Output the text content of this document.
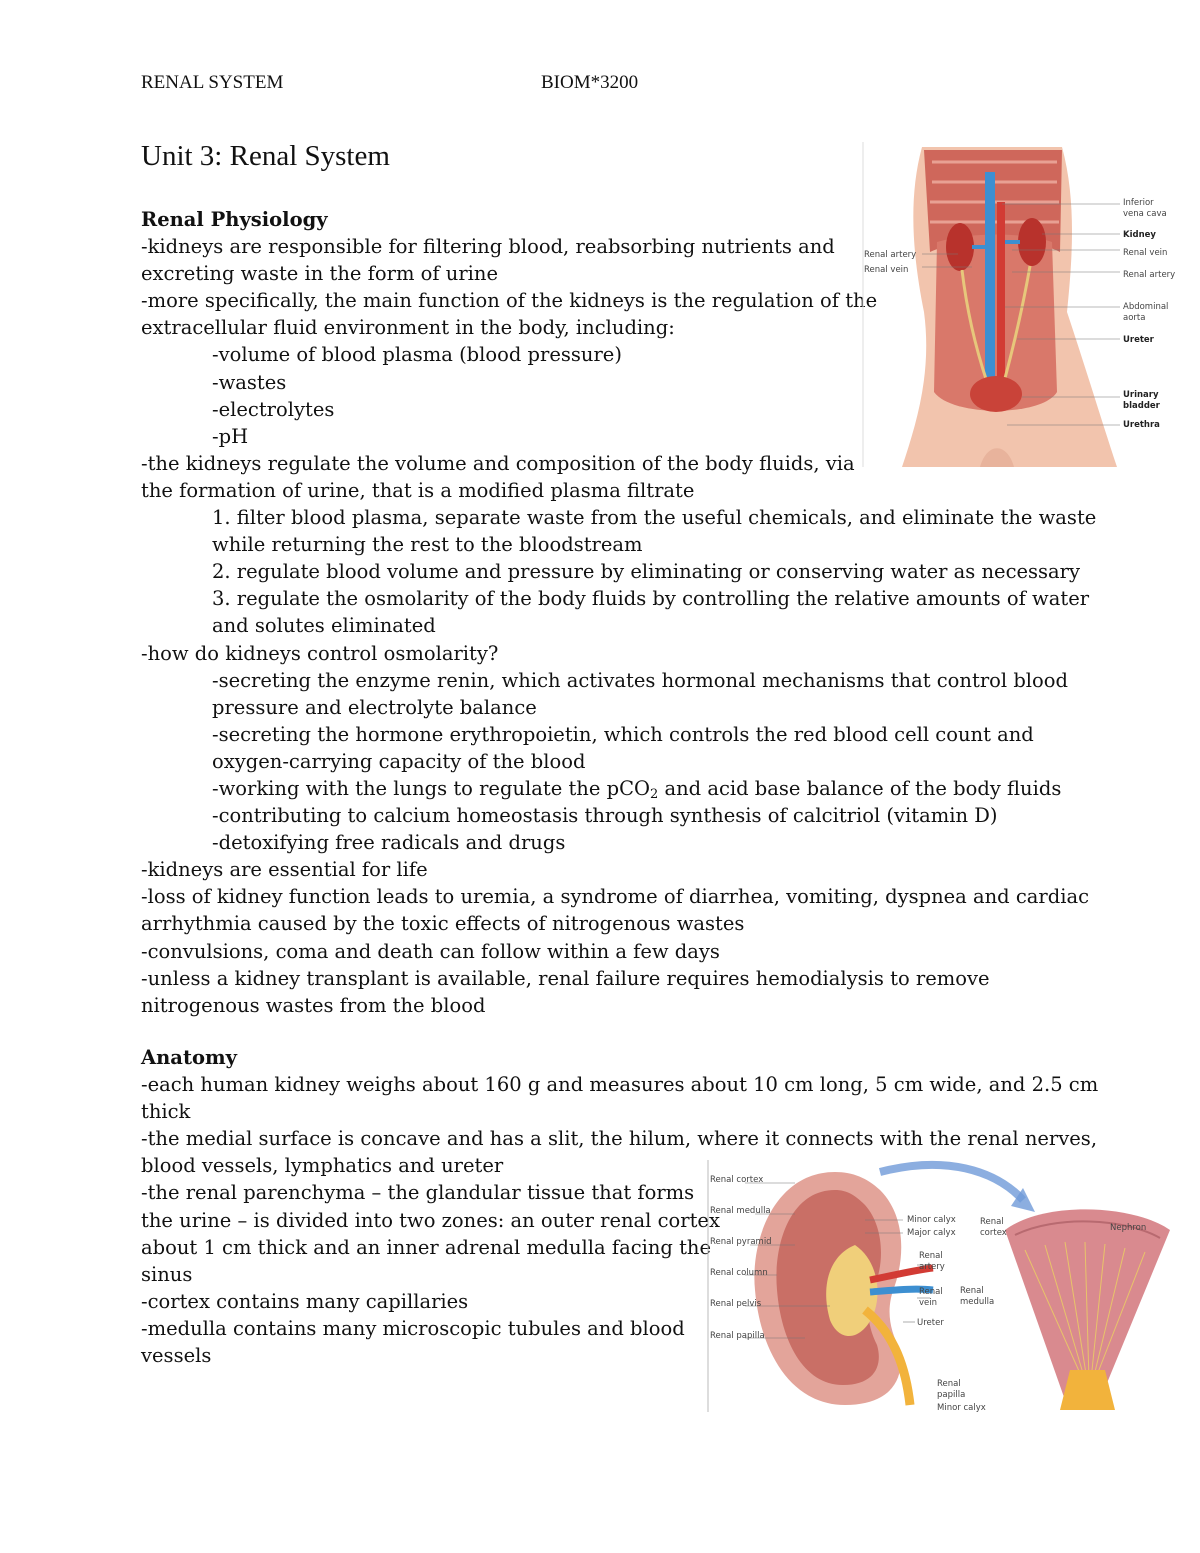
RENAL SYSTEM	BIOM*3200
Unit 3: Renal System
Renal Physiology
-kidneys are responsible for filtering blood, reabsorbing nutrients and
excreting waste in the form of urine
-more specifically, the main function of the kidneys is the regulation of the
extracellular fluid environment in the body, including:
-volume of blood plasma (blood pressure)
-wastes
-electrolytes
-pH
-the kidneys regulate the volume and composition of the body fluids, via
the formation of urine, that is a modified plasma filtrate
1. filter blood plasma, separate waste from the useful chemicals, and eliminate the waste
while returning the rest to the bloodstream
2. regulate blood volume and pressure by eliminating or conserving water as necessary
3. regulate the osmolarity of the body fluids by controlling the relative amounts of water
and solutes eliminated
-how do kidneys control osmolarity?
-secreting the enzyme renin, which activates hormonal mechanisms that control blood
pressure and electrolyte balance
-secreting the hormone erythropoietin, which controls the red blood cell count and
oxygen-carrying capacity of the blood
-working with the lungs to regulate the pCO$_2$ and acid base balance of the body fluids
-contributing to calcium homeostasis through synthesis of calcitriol (vitamin D)
-detoxifying free radicals and drugs
-kidneys are essential for life
-loss of kidney function leads to uremia, a syndrome of diarrhea, vomiting, dyspnea and cardiac
arrhythmia caused by the toxic effects of nitrogenous wastes
-convulsions, coma and death can follow within a few days
-unless a kidney transplant is available, renal failure requires hemodialysis to remove
nitrogenous wastes from the blood
Anatomy
-each human kidney weighs about 160 g and measures about 10 cm long, 5 cm wide, and 2.5 cm
thick
-the medial surface is concave and has a slit, the hilum, where it connects with the renal nerves,
blood vessels, lymphatics and ureter
-the renal parenchyma – the glandular tissue that forms
the urine – is divided into two zones: an outer renal cortex
about 1 cm thick and an inner adrenal medulla facing the
sinus
-cortex contains many capillaries
-medulla contains many microscopic tubules and blood
vessels
Inferior
vena cava
Kidney
Renal vein
Renal artery
Abdominal
aorta
Ureter
Urinary
bladder
Urethra
Renal artery
Renal vein
Renal cortex
Renal medulla
Renal pyramid
Renal column
Renal pelvis
Renal papilla
Minor calyx
Major calyx
Renal
artery
Renal
vein
Ureter
Renal
cortex	Nephron
Renal
medulla
Renal
papilla
Minor calyx
